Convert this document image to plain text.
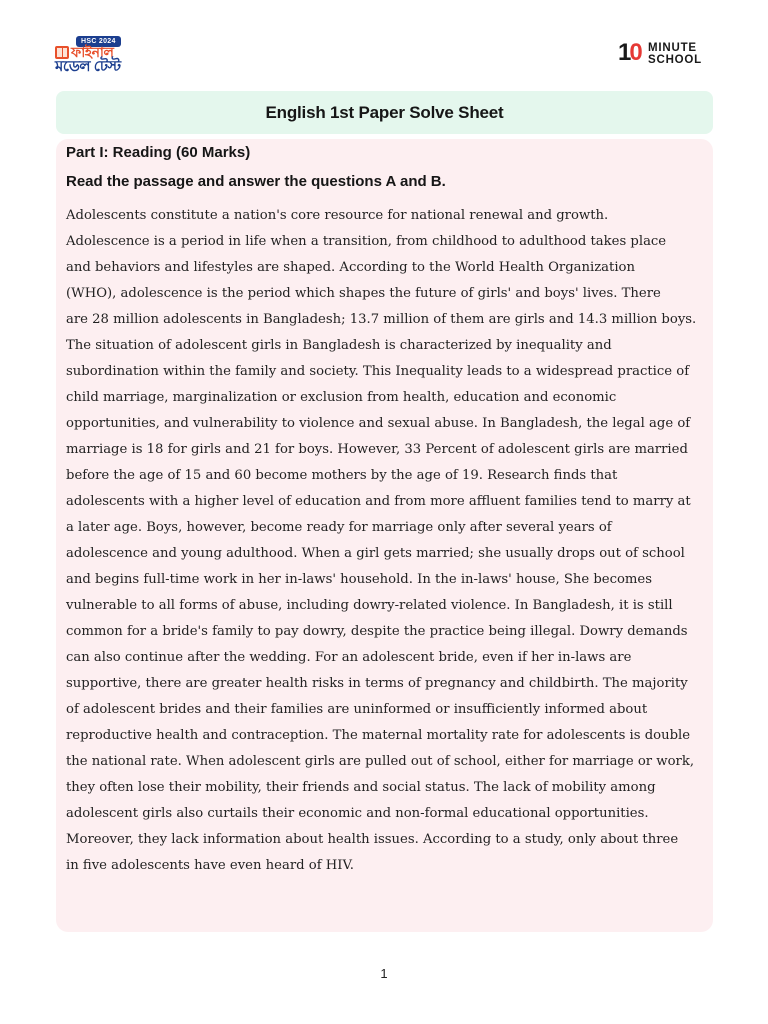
HSC 2024
ফাইনাল
মডেল টেস্ট
10 MINUTE
SCHOOL
English 1st Paper Solve Sheet
Part I: Reading (60 Marks)
Read the passage and answer the questions A and B.
Adolescents constitute a nation's core resource for national renewal and growth.
Adolescence is a period in life when a transition, from childhood to adulthood takes place
and behaviors and lifestyles are shaped. According to the World Health Organization
(WHO), adolescence is the period which shapes the future of girls' and boys' lives. There
are 28 million adolescents in Bangladesh; 13.7 million of them are girls and 14.3 million boys.
The situation of adolescent girls in Bangladesh is characterized by inequality and
subordination within the family and society. This Inequality leads to a widespread practice of
child marriage, marginalization or exclusion from health, education and economic
opportunities, and vulnerability to violence and sexual abuse. In Bangladesh, the legal age of
marriage is 18 for girls and 21 for boys. However, 33 Percent of adolescent girls are married
before the age of 15 and 60 become mothers by the age of 19. Research finds that
adolescents with a higher level of education and from more affluent families tend to marry at
a later age. Boys, however, become ready for marriage only after several years of
adolescence and young adulthood. When a girl gets married; she usually drops out of school
and begins full-time work in her in-laws' household. In the in-laws' house, She becomes
vulnerable to all forms of abuse, including dowry-related violence. In Bangladesh, it is still
common for a bride's family to pay dowry, despite the practice being illegal. Dowry demands
can also continue after the wedding. For an adolescent bride, even if her in-laws are
supportive, there are greater health risks in terms of pregnancy and childbirth. The majority
of adolescent brides and their families are uninformed or insufficiently informed about
reproductive health and contraception. The maternal mortality rate for adolescents is double
the national rate. When adolescent girls are pulled out of school, either for marriage or work,
they often lose their mobility, their friends and social status. The lack of mobility among
adolescent girls also curtails their economic and non-formal educational opportunities.
Moreover, they lack information about health issues. According to a study, only about three
in five adolescents have even heard of HIV.
1
